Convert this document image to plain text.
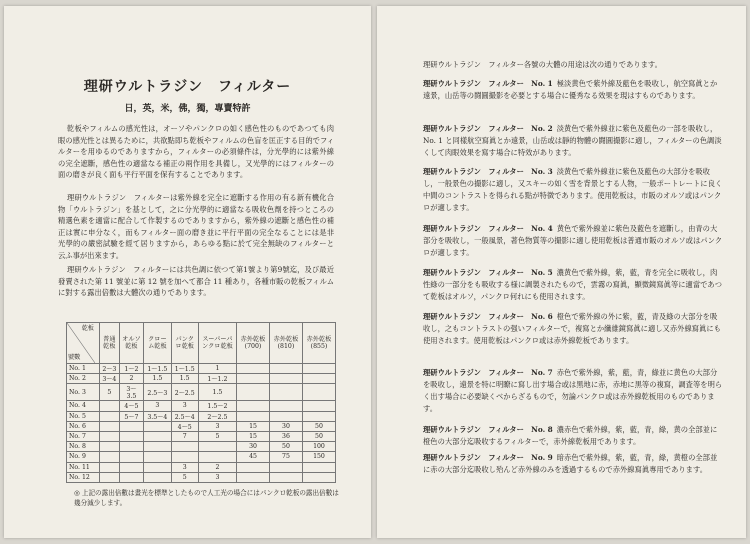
理研ウルトラジン　フィルター
日，英，米，佛，獨，專賣特許
乾板やフィルムの感光性は，オーソやパンクロの如く感色性のものであつても肉眼の感光性とは異るために，共欲點即ち乾板やフィルムの色盲を匡正する目的でフィルターを用ゆるのでありますから，フィルターの必須條件は，分光學的には紫外線の完全遮斷，感色性の適當なる補正の兩作用を具備し，又光學的にはフィルターの面の磨きが良く面も平行平面を保有することであります。
理研ウルトラジン　フィルターは紫外線を完全に遮斷する作用の有る新有機化合物「ウルトラジン」を基として，之に分光學的に適當なる吸收色劑を持つところの精選色素を適當に配合して作製するのでありますから，紫外線の遮斷と感色性の補正は實に申分なく，而もフィルター面の磨き並に平行平面の完全なることには是非光學的の嚴密試驗を經て居りますから，あらゆる點に於て完全無缺のフィルターと云ふ事が出來ます。
理研ウルトラジン　フィルターには共色調に依つて第1號より第9號迄，及び最近發賣された第 11 號並に第 12 號を加へて都合 11 種あり，各種市販の乾板フィルムに對する露出倍數は大體次の通りであります。
乾板
號數	普通乾板	オルソ乾板	クローム乾板	パンクロ乾板	スーパーパンクロ乾板	赤外乾板(700)	赤外乾板(810)	赤外乾板(855)
No. 1	2～3	1～2	1～1.5	1～1.5	1			
No. 2	3～4	2	1.5	1.5	1～1.2			
No. 3	5	3～3.5	2.5～3	2～2.5	1.5			
No. 4		4～5	3	3	1.5～2			
No. 5		5～7	3.5～4	2.5～4	2～2.5			
No. 6				4～5	3	15	30	50
No. 7				7	5	15	36	50
No. 8						30	50	100
No. 9						45	75	150
No. 11				3	2			
No. 12				5	3			
◎ 上記の露出倍數は畫光を標準としたもので人工光の場合にはパンクロ乾板の露出倍數は幾分減少します。
理研ウルトラジン　フィルター各號の大體の用途は次の通りであります。
理研ウルトラジン　フィルター　No. 1 極淡黄色で紫外線及藍色を吸收し，航空寫眞とか遠景，山岳等の闘圓撮影を必要とする場合に優秀なる效果を現はすものであります。
理研ウルトラジン　フィルター　No. 2 淡黄色で紫外線並に紫色及藍色の一部を吸收し，No. 1 と同樣航空寫眞とか遠景，山岳或は靜的物體の闘圓撮影に適し，フィルターの色調淡くして肉眼效果を寫す場合に特效があります。
理研ウルトラジン　フィルター　No. 3 淡黄色で紫外線並に紫色及藍色の大部分を吸收し，一般景色の撮影に適し，又スキーの如く雪を背景とする人物，一般ポートレートに良く中間のコントラストを得られる點が特徴であります。使用乾板は，市販のオルソ或はパンクロが適します。
理研ウルトラジン　フィルター　No. 4 黄色で紫外線並に紫色及藍色を遮斷し，由青の大部分を吸收し，一般風景，著色物質等の撮影に適し使用乾板は普通市販のオルソ或はパンクロが適します。
理研ウルトラジン　フィルター　No. 5 濃黄色で紫外線，紫，藍，青を完全に吸收し，肉性綠の一部分をも吸收する様に調製されたもので，雲霧の寫眞，顯微鏡寫眞等に適當であつて乾板はオルソ，パンクロ何れにも使用されます。
理研ウルトラジン　フィルター　No. 6 橙色で紫外線の外に紫，藍，青及綠の大部分を吸收し，之もコントラストの强いフィルターで，複寫とか纖維鏡寫眞に適し又赤外線寫眞にも使用されます。使用乾板はパンクロ或は赤外線乾板であります。
理研ウルトラジン　フィルター　No. 7 赤色で紫外線，紫，藍，青，綠並に黄色の大部分を吸收し，遠景を特に明瞭に寫し出す場合或は黑地に赤，赤地に黒等の複寫，調査等を明らく出す場合に必要缺くべからざるもので，勿論パンクロ或は赤外線乾板用のものであります。
理研ウルトラジン　フィルター　No. 8 濃赤色で紫外線，紫，藍，青，綠，黄の全部並に橙色の大部分迄吸收するフィルターで，赤外線乾板用であります。
理研ウルトラジン　フィルター　No. 9 暗赤色で紫外線，紫，藍，青，綠，黄橙の全部並に赤の大部分迄吸收し殆んど赤外線のみを透過するもので赤外線寫眞專用であります。
